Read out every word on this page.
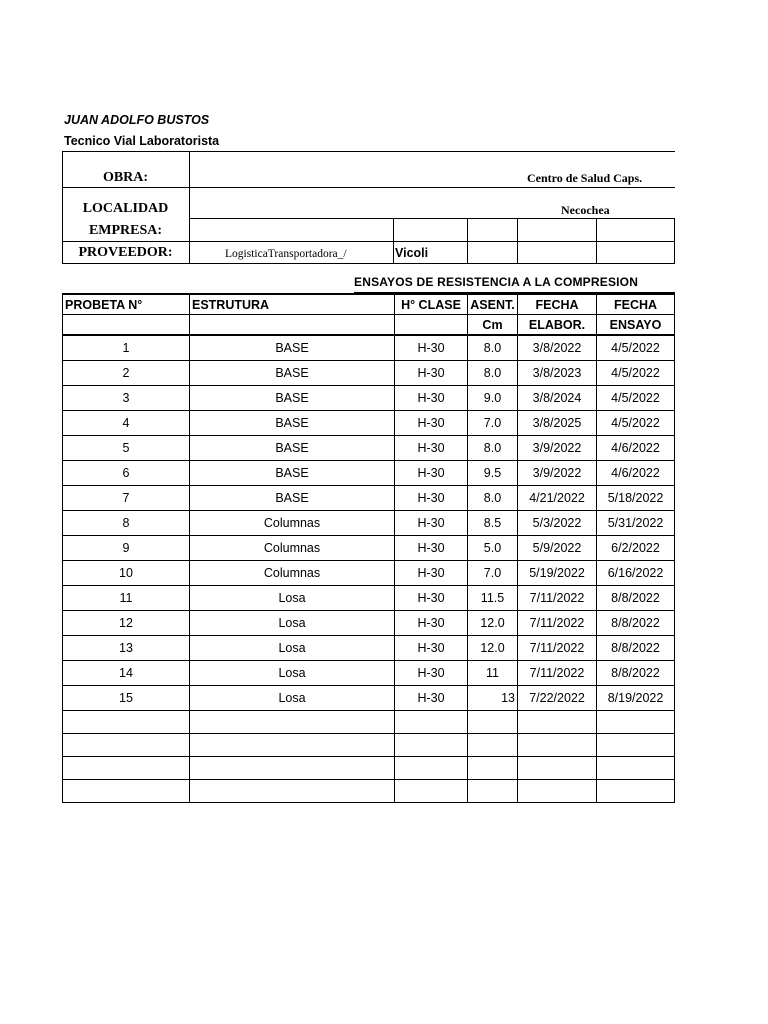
JUAN ADOLFO BUSTOS
Tecnico Vial Laboratorista
OBRA:	Centro de Salud Caps.
LOCALIDAD	Necochea
EMPRESA:
PROVEEDOR:	LogisticaTransportadora_/	Vicoli
ENSAYOS DE RESISTENCIA A LA COMPRESION
PROBETA N°	ESTRUTURA	H° CLASE	ASENT.	FECHA	FECHA
			Cm	ELABOR.	ENSAYO
1	BASE	H-30	8.0	3/8/2022	4/5/2022
2	BASE	H-30	8.0	3/8/2023	4/5/2022
3	BASE	H-30	9.0	3/8/2024	4/5/2022
4	BASE	H-30	7.0	3/8/2025	4/5/2022
5	BASE	H-30	8.0	3/9/2022	4/6/2022
6	BASE	H-30	9.5	3/9/2022	4/6/2022
7	BASE	H-30	8.0	4/21/2022	5/18/2022
8	Columnas	H-30	8.5	5/3/2022	5/31/2022
9	Columnas	H-30	5.0	5/9/2022	6/2/2022
10	Columnas	H-30	7.0	5/19/2022	6/16/2022
11	Losa	H-30	11.5	7/11/2022	8/8/2022
12	Losa	H-30	12.0	7/11/2022	8/8/2022
13	Losa	H-30	12.0	7/11/2022	8/8/2022
14	Losa	H-30	11	7/11/2022	8/8/2022
15	Losa	H-30	13	7/22/2022	8/19/2022
